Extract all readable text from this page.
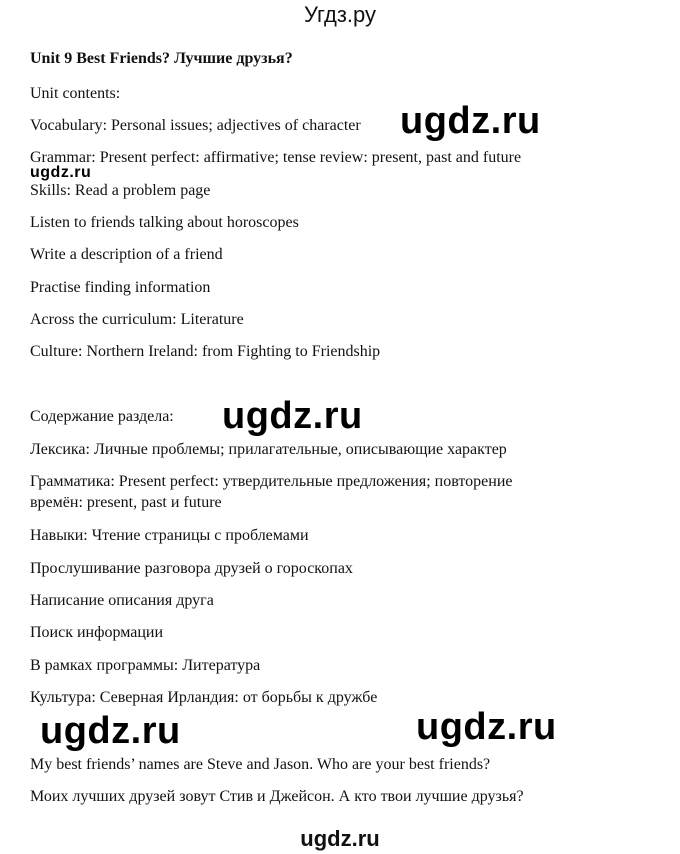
Угдз.ру
Unit 9 Best Friends? Лучшие друзья?
Unit contents:
Vocabulary: Personal issues; adjectives of character
Grammar: Present perfect: affirmative; tense review: present, past and future
Skills: Read a problem page
Listen to friends talking about horoscopes
Write a description of a friend
Practise finding information
Across the curriculum: Literature
Culture: Northern Ireland: from Fighting to Friendship
Содержание раздела:
Лексика: Личные проблемы; прилагательные, описывающие характер
Грамматика: Present perfect: утвердительные предложения; повторение
времён: present, past и future
Навыки: Чтение страницы с проблемами
Прослушивание разговора друзей о гороскопах
Написание описания друга
Поиск информации
В рамках программы: Литература
Культура: Северная Ирландия: от борьбы к дружбе
My best friends’ names are Steve and Jason. Who are your best friends?
Моих лучших друзей зовут Стив и Джейсон. А кто твои лучшие друзья?
ugdz.ru
ugdz.ru
ugdz.ru
ugdz.ru	ugdz.ru
ugdz.ru
